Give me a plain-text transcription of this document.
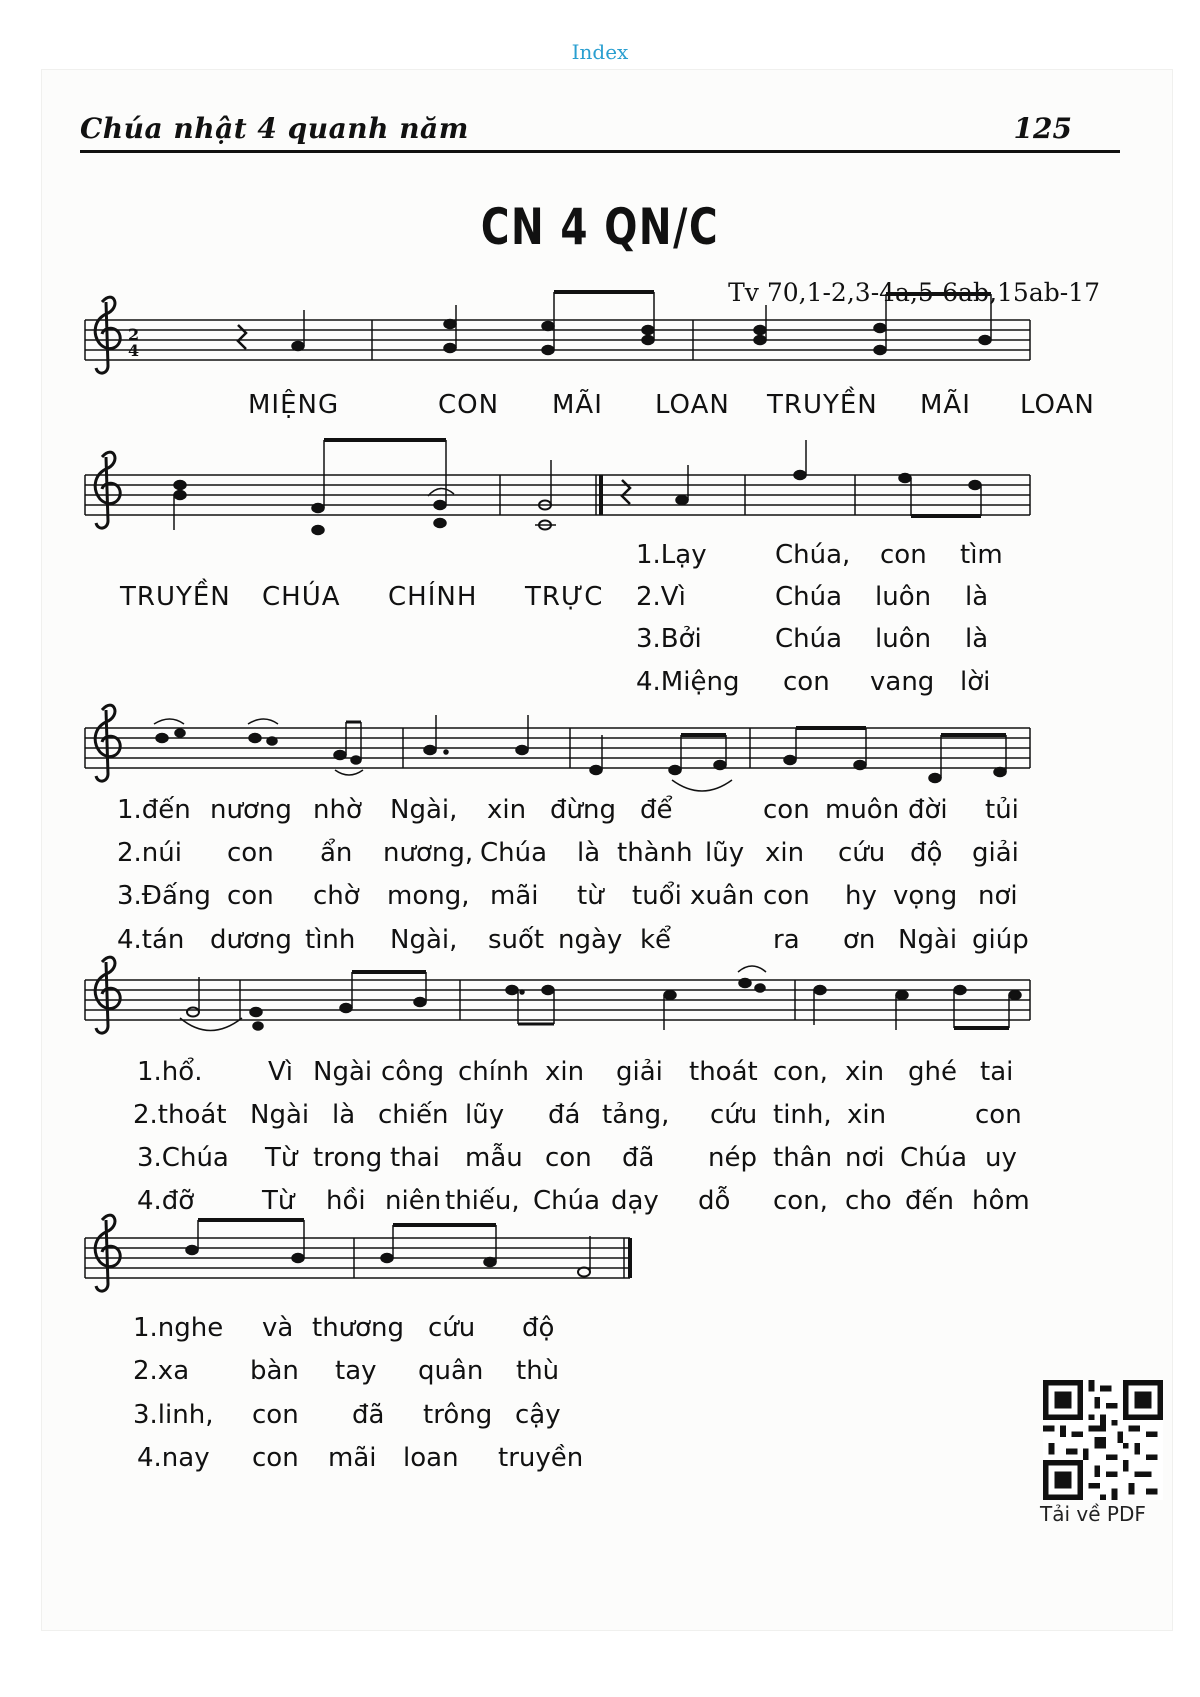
Index
Chúa nhật 4 quanh năm	125
CN 4 QN/C
Tv 70,1-2,3-4a,5-6ab,15ab-17
2
4
MIỆNG	CON MÃI LOAN TRUYỀN MÃI LOAN
TRUYỀN CHÚA CHÍNH TRỰC
1.Lạy	Chúa, con tìm
2.Vì	Chúa luôn là
3.Bởi	Chúa luôn là
4.Miệng con vang lời
1.đến nương nhờ Ngài, xin đừng để	con muôn đời tủi
2.núi con ẩn nương, Chúa là thành lũy xin cứu độ giải
3.Đấng con chờ mong, mãi từ tuổi xuân con hy vọng nơi
4.tán dương tình Ngài, suốt ngày kể	ra ơn Ngài giúp
1.hổ.	Vì Ngài công chính xin giải thoát con, xin ghé tai
2.thoát Ngài là chiến lũy đá tảng, cứu tinh, xin	con
3.Chúa Từ trong thai mẫu con đã nép thân nơi Chúa uy
4.đỡ	Từ hồi niên thiếu, Chúa dạy dỗ con, cho đến hôm
1.nghe và thương cứu độ
2.xa bàn tay quân thù
3.linh, con đã trông cậy
4.nay con mãi loan truyền
Tải về PDF
